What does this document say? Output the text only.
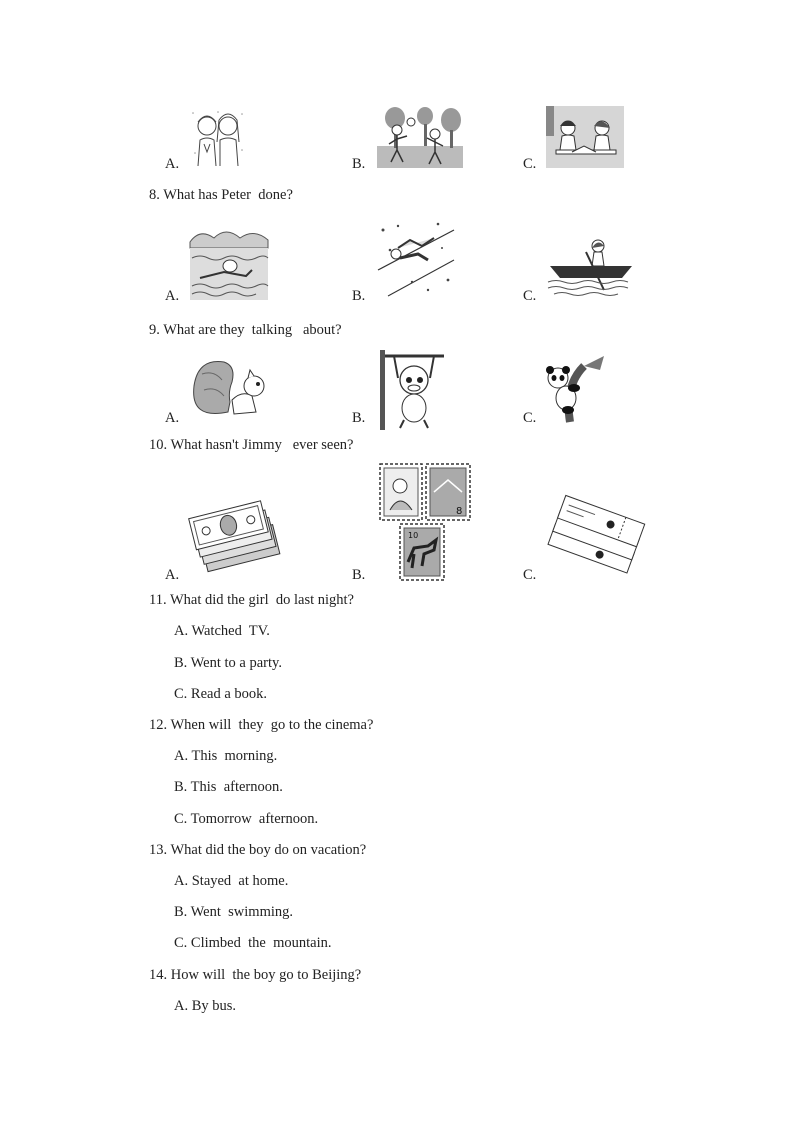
A.	B.	C.
8. What has Peter  done?
A.	B.	C.
9. What are they  talking   about?
A.	B.	C.
10. What hasn't Jimmy   ever seen?
A.	B.	C.
8
10
11. What did the girl  do last night?
A. Watched  TV.
B. Went to a party.
C. Read a book.
12. When will  they  go to the cinema?
A. This  morning.
B. This  afternoon.
C. Tomorrow  afternoon.
13. What did the boy do on vacation?
A. Stayed  at home.
B. Went  swimming.
C. Climbed  the  mountain.
14. How will  the boy go to Beijing?
A. By bus.
